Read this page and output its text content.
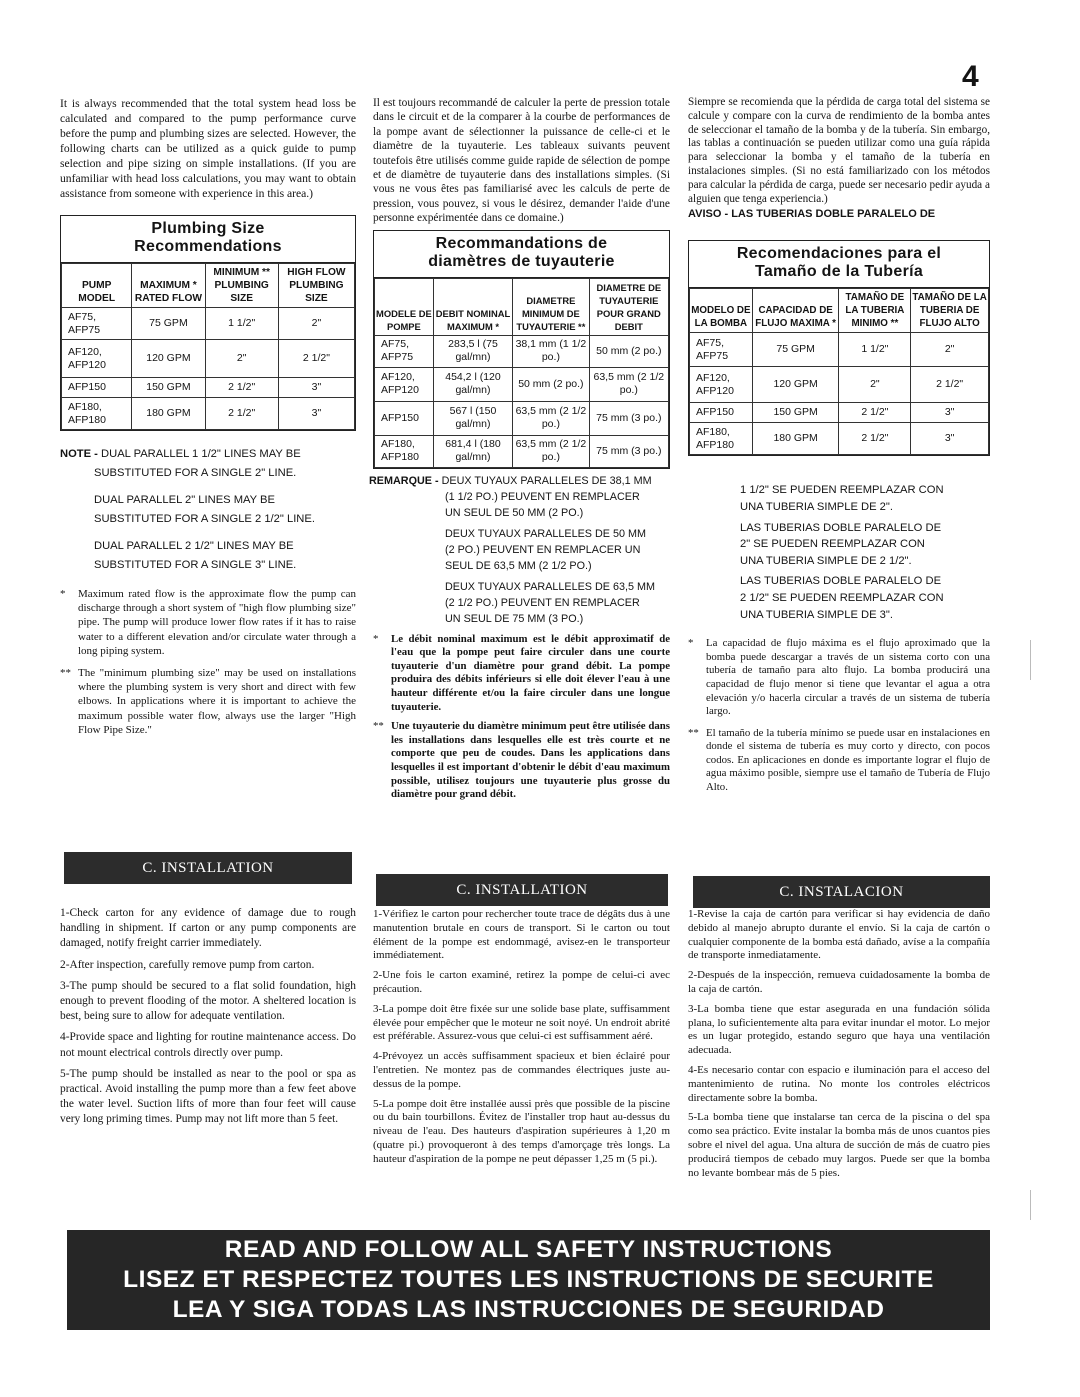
4

It is always recommended that the total system head loss be calculated and compared to the pump performance curve before the pump and plumbing sizes are selected. However, the following charts can be utilized as a quick guide to pump selection and pipe sizing on simple installations. (If you are unfamiliar with head loss calculations, you may want to obtain assistance from someone with experience in this area.)

Plumbing Size
Recommendations
PUMP MODEL	MAXIMUM * RATED FLOW	MINIMUM ** PLUMBING SIZE	HIGH FLOW PLUMBING SIZE
AF75, AFP75	75 GPM	1 1/2"	2"
AF120, AFP120	120 GPM	2"	2 1/2"
AFP150	150 GPM	2 1/2"	3"
AF180, AFP180	180 GPM	2 1/2"	3"
NOTE - DUAL PARALLEL 1 1/2" LINES MAY BE
SUBSTITUTED FOR A SINGLE 2" LINE.
DUAL PARALLEL 2" LINES MAY BE
SUBSTITUTED FOR A SINGLE 2 1/2" LINE.
DUAL PARALLEL 2 1/2" LINES MAY BE
SUBSTITUTED FOR A SINGLE 3" LINE.
*	Maximum rated flow is the approximate flow the pump can discharge through a short system of "high flow plumbing size" pipe. The pump will produce lower flow rates if it has to raise water to a different elevation and/or circulate water through a long piping system.
** The "minimum plumbing size" may be used on installations where the plumbing system is very short and direct with few elbows. In applications where it is important to achieve the maximum possible water flow, always use the larger "High Flow Pipe Size."

Il est toujours recommandé de calculer la perte de pression totale dans le circuit et de la comparer à la courbe de performances de la pompe avant de sélectionner la puissance de celle-ci et le diamètre de la tuyauterie. Les tableaux suivants peuvent toutefois être utilisés comme guide rapide de sélection de pompe et de diamètre de tuyauterie dans des installations simples. (Si vous ne vous êtes pas familiarisé avec les calculs de perte de pression, vous pouvez, si vous le désirez, demander l'aide d'une personne expérimentée dans ce domaine.)

Recommandations de
diamètres de tuyauterie
MODELE DE POMPE	DEBIT NOMINAL MAXIMUM *	DIAMETRE MINIMUM DE TUYAUTERIE **	DIAMETRE DE TUYAUTERIE POUR GRAND DEBIT
AF75, AFP75	283,5 l (75 gal/mn)	38,1 mm (1 1/2 po.)	50 mm (2 po.)
AF120, AFP120	454,2 l (120 gal/mn)	50 mm (2 po.)	63,5 mm (2 1/2 po.)
AFP150	567 l (150 gal/mn)	63,5 mm (2 1/2 po.)	75 mm (3 po.)
AF180, AFP180	681,4 l (180 gal/mn)	63,5 mm (2 1/2 po.)	75 mm (3 po.)
REMARQUE - DEUX TUYAUX PARALLELES DE 38,1 MM
(1 1/2 PO.) PEUVENT EN REMPLACER
UN SEUL DE 50 MM (2 PO.)
DEUX TUYAUX PARALLELES DE 50 MM
(2 PO.) PEUVENT EN REMPLACER UN
SEUL DE 63,5 MM (2 1/2 PO.)
DEUX TUYAUX PARALLELES DE 63,5 MM
(2 1/2 PO.) PEUVENT EN REMPLACER
UN SEUL DE 75 MM (3 PO.)
*	Le débit nominal maximum est le débit approximatif de l'eau que la pompe peut faire circuler dans une courte tuyauterie d'un diamètre pour grand débit. La pompe produira des débits inférieurs si elle doit élever l'eau à une hauteur différente et/ou la faire circuler dans une longue tuyauterie.
** Une tuyauterie du diamètre minimum peut être utilisée dans les installations dans lesquelles elle est très courte et ne comporte que peu de coudes. Dans les applications dans lesquelles il est important d'obtenir le débit d'eau maximum possible, utilisez toujours une tuyauterie plus grosse du diamètre pour grand débit.

Siempre se recomienda que la pérdida de carga total del sistema se calcule y compare con la curva de rendimiento de la bomba antes de seleccionar el tamaño de la bomba y de la tubería. Sin embargo, las tablas a continuación se pueden utilizar como una guía rápida para seleccionar la bomba y el tamaño de la tubería en instalaciones simples. (Si no está familiarizado con los métodos para calcular la pérdida de carga, puede ser necesario pedir ayuda a alguien que tenga experiencia.)

AVISO - LAS TUBERIAS DOBLE PARALELO DE
Recomendaciones para el
Tamaño de la Tubería
MODELO DE LA BOMBA	CAPACIDAD DE FLUJO MAXIMA *	TAMAÑO DE LA TUBERIA MINIMO **	TAMAÑO DE LA TUBERIA DE FLUJO ALTO
AF75, AFP75	75 GPM	1 1/2"	2"
AF120, AFP120	120 GPM	2"	2 1/2"
AFP150	150 GPM	2 1/2"	3"
AF180, AFP180	180 GPM	2 1/2"	3"
1 1/2" SE PUEDEN REEMPLAZAR CON
UNA TUBERIA SIMPLE DE 2".
LAS TUBERIAS DOBLE PARALELO DE
2" SE PUEDEN REEMPLAZAR CON
UNA TUBERIA SIMPLE DE 2 1/2".
LAS TUBERIAS DOBLE PARALELO DE
2 1/2" SE PUEDEN REEMPLAZAR CON
UNA TUBERIA SIMPLE DE 3".
*	La capacidad de flujo máxima es el flujo aproximado que la bomba puede descargar a través de un sistema corto con una tubería de tamaño para alto flujo. La bomba producirá una capacidad de flujo menor si tiene que levantar el agua a otra elevación y/o hacerla circular a través de un sistema de tubería largo.
** El tamaño de la tubería mínimo se puede usar en instalaciones en donde el sistema de tubería es muy corto y directo, con pocos codos. En aplicaciones en donde es importante lograr el flujo de agua máximo posible, siempre use el tamaño de Tubería de Flujo Alto.
C. INSTALLATION
C. INSTALLATION	C. INSTALACION

1-Check carton for any evidence of damage due to rough handling in shipment. If carton or any pump components are damaged, notify freight carrier immediately.

2-After inspection, carefully remove pump from carton.

3-The pump should be secured to a flat solid foundation, high enough to prevent flooding of the motor. A sheltered location is best, being sure to allow for adequate ventilation.

4-Provide space and lighting for routine maintenance access. Do not mount electrical controls directly over pump.

5-The pump should be installed as near to the pool or spa as practical. Avoid installing the pump more than a few feet above the water level. Suction lifts of more than four feet will cause very long priming times. Pump may not lift more than 5 feet.

1-Vérifiez le carton pour rechercher toute trace de dégâts dus à une manutention brutale en cours de transport. Si le carton ou tout élément de la pompe est endommagé, avisez-en le transporteur immédiatement.

2-Une fois le carton examiné, retirez la pompe de celui-ci avec précaution.

3-La pompe doit être fixée sur une solide base plate, suffisamment élevée pour empêcher que le moteur ne soit noyé. Un endroit abrité est préférable. Assurez-vous que celui-ci est suffisamment aéré.

4-Prévoyez un accès suffisamment spacieux et bien éclairé pour l'entretien. Ne montez pas de commandes électriques juste au-dessus de la pompe.

5-La pompe doit être installée aussi près que possible de la piscine ou du bain tourbillons. Évitez de l'installer trop haut au-dessus du niveau de l'eau. Des hauteurs d'aspiration supérieures à 1,20 m (quatre pi.) provoqueront à des temps d'amorçage très longs. La hauteur d'aspiration de la pompe ne peut dépasser 1,25 m (5 pi.).

1-Revise la caja de cartón para verificar si hay evidencia de daño debido al manejo abrupto durante el envío. Si la caja de cartón o cualquier componente de la bomba está dañado, avíse a la compañía de transporte inmediatamente.

2-Después de la inspección, remueva cuidadosamente la bomba de la caja de cartón.

3-La bomba tiene que estar asegurada en una fundación sólida plana, lo suficientemente alta para evitar inundar el motor. Lo mejor es un lugar protegido, estando seguro que haya una ventilación adecuada.

4-Es necesario contar con espacio e iluminación para el acceso del mantenimiento de rutina. No monte los controles eléctricos directamente sobre la bomba.

5-La bomba tiene que instalarse tan cerca de la piscina o del spa como sea práctico. Evite instalar la bomba más de unos cuantos pies sobre el nivel del agua. Una altura de succión de más de cuatro pies producirá tiempos de cebado muy largos. Puede ser que la bomba no levante bombear más de 5 pies.

READ AND FOLLOW ALL SAFETY INSTRUCTIONS
LISEZ ET RESPECTEZ TOUTES LES INSTRUCTIONS DE SECURITE
LEA Y SIGA TODAS LAS INSTRUCCIONES DE SEGURIDAD
